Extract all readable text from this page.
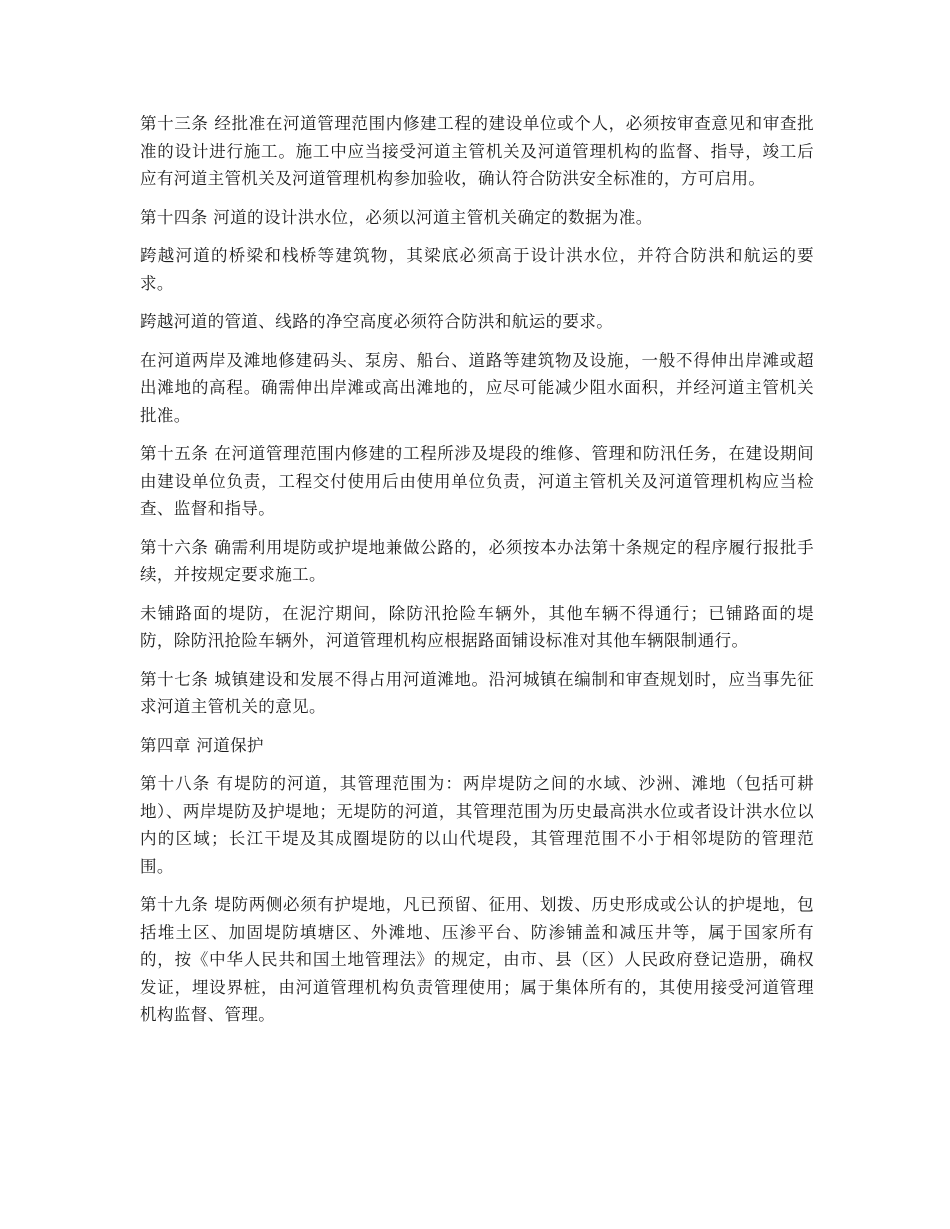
第十三条 经批准在河道管理范围内修建工程的建设单位或个人，必须按审查意见和审查批准的设计进行施工。施工中应当接受河道主管机关及河道管理机构的监督、指导，竣工后应有河道主管机关及河道管理机构参加验收，确认符合防洪安全标准的，方可启用。

第十四条 河道的设计洪水位，必须以河道主管机关确定的数据为准。

跨越河道的桥梁和栈桥等建筑物，其梁底必须高于设计洪水位，并符合防洪和航运的要求。

跨越河道的管道、线路的净空高度必须符合防洪和航运的要求。

在河道两岸及滩地修建码头、泵房、船台、道路等建筑物及设施，一般不得伸出岸滩或超出滩地的高程。确需伸出岸滩或高出滩地的，应尽可能减少阻水面积，并经河道主管机关批准。

第十五条 在河道管理范围内修建的工程所涉及堤段的维修、管理和防汛任务，在建设期间由建设单位负责，工程交付使用后由使用单位负责，河道主管机关及河道管理机构应当检查、监督和指导。

第十六条 确需利用堤防或护堤地兼做公路的，必须按本办法第十条规定的程序履行报批手续，并按规定要求施工。

未铺路面的堤防，在泥泞期间，除防汛抢险车辆外，其他车辆不得通行；已铺路面的堤防，除防汛抢险车辆外，河道管理机构应根据路面铺设标准对其他车辆限制通行。

第十七条 城镇建设和发展不得占用河道滩地。沿河城镇在编制和审查规划时，应当事先征求河道主管机关的意见。

第四章 河道保护

第十八条 有堤防的河道，其管理范围为：两岸堤防之间的水域、沙洲、滩地（包括可耕地）、两岸堤防及护堤地；无堤防的河道，其管理范围为历史最高洪水位或者设计洪水位以内的区域；长江干堤及其成圈堤防的以山代堤段，其管理范围不小于相邻堤防的管理范围。

第十九条 堤防两侧必须有护堤地，凡已预留、征用、划拨、历史形成或公认的护堤地，包括堆土区、加固堤防填塘区、外滩地、压渗平台、防渗铺盖和减压井等，属于国家所有的，按《中华人民共和国土地管理法》的规定，由市、县（区）人民政府登记造册，确权发证，埋设界桩，由河道管理机构负责管理使用；属于集体所有的，其使用接受河道管理机构监督、管理。
